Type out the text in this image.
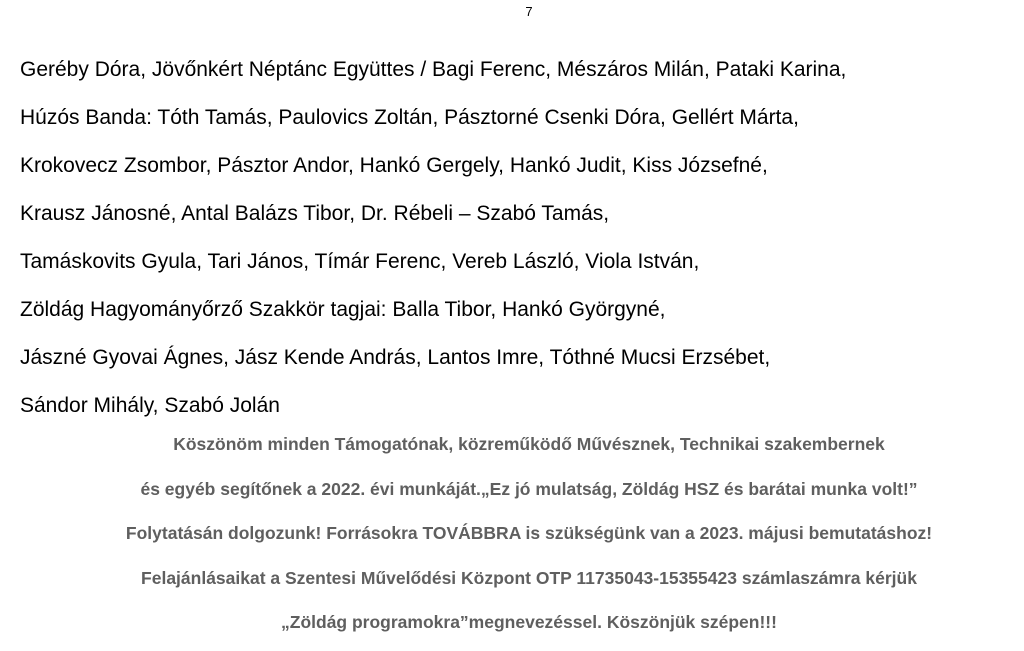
7
Geréby Dóra, Jövőnkért Néptánc Együttes / Bagi Ferenc, Mészáros Milán, Pataki Karina,
Húzós Banda: Tóth Tamás, Paulovics Zoltán, Pásztorné Csenki Dóra, Gellért Márta,
Krokovecz Zsombor, Pásztor Andor, Hankó Gergely, Hankó Judit, Kiss Józsefné,
Krausz Jánosné, Antal Balázs Tibor, Dr. Rébeli – Szabó Tamás,
Tamáskovits Gyula, Tari János, Tímár Ferenc, Vereb László, Viola István,
Zöldág Hagyományőrző Szakkör tagjai: Balla Tibor, Hankó Györgyné,
Jászné Gyovai Ágnes, Jász Kende András, Lantos Imre, Tóthné Mucsi Erzsébet,
Sándor Mihály, Szabó Jolán
Köszönöm minden Támogatónak, közreműködő Művésznek, Technikai szakembernek
és egyéb segítőnek a 2022. évi munkáját.„Ez jó mulatság, Zöldág HSZ és barátai munka volt!”
Folytatásán dolgozunk! Forrásokra TOVÁBBRA is szükségünk van a 2023. májusi bemutatáshoz!
Felajánlásaikat a Szentesi Művelődési Központ OTP 11735043-15355423 számlaszámra kérjük
„Zöldág programokra”megnevezéssel. Köszönjük szépen!!!
